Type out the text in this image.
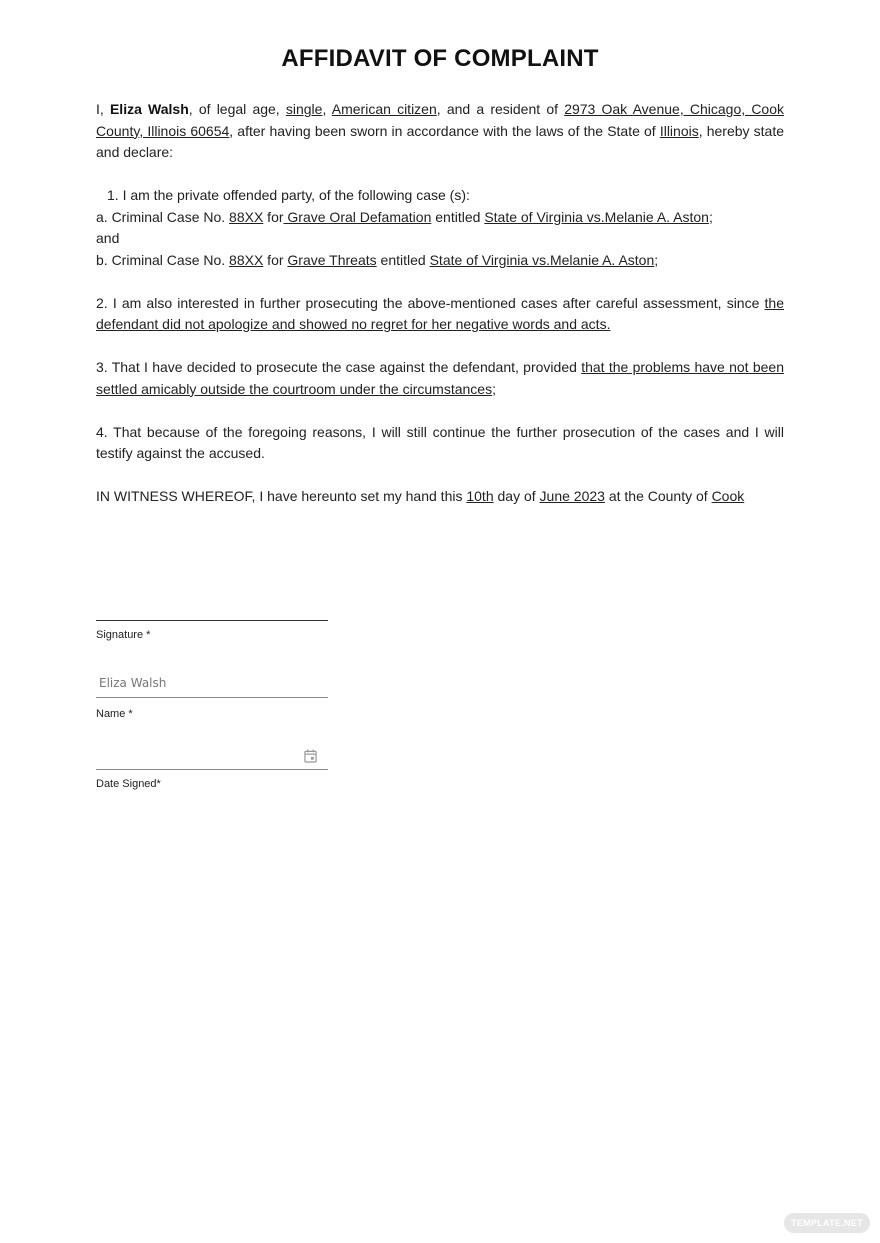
AFFIDAVIT OF COMPLAINT

I, Eliza Walsh, of legal age, single, American citizen, and a resident of 2973 Oak Avenue, Chicago, Cook County, Illinois 60654, after having been sworn in accordance with the laws of the State of Illinois, hereby state and declare:

1. I am the private offended party, of the following case (s):

a. Criminal Case No. 88XX for Grave Oral Defamation entitled State of Virginia vs.Melanie A. Aston;

and

b. Criminal Case No. 88XX for Grave Threats entitled State of Virginia vs.Melanie A. Aston;

2. I am also interested in further prosecuting the above-mentioned cases after careful assessment, since the defendant did not apologize and showed no regret for her negative words and acts.

3. That I have decided to prosecute the case against the defendant, provided that the problems have not been settled amicably outside the courtroom under the circumstances;

4. That because of the foregoing reasons, I will still continue the further prosecution of the cases and I will testify against the accused.

IN WITNESS WHEREOF, I have hereunto set my hand this 10th day of June 2023 at the County of Cook

Signature *
Eliza Walsh
Name *
Date Signed*
TEMPLATE.NET
